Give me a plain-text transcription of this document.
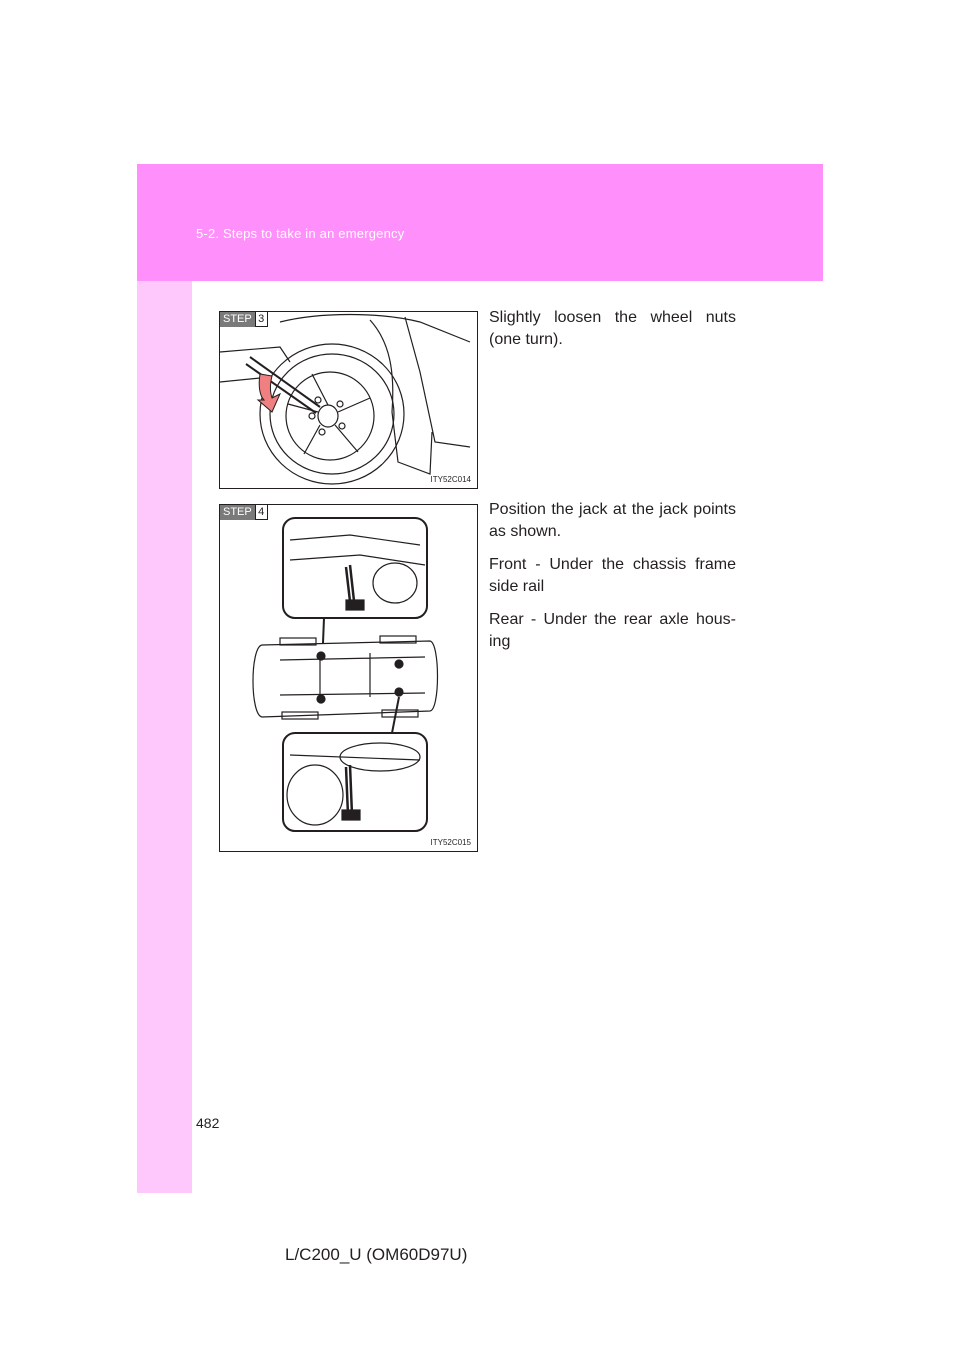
5-2. Steps to take in an emergency
STEP 3
ITY52C014

Slightly loosen the wheel nuts (one turn).

STEP 4
ITY52C015

Position the jack at the jack points as shown.

Front - Under the chassis frame side rail

Rear - Under the rear axle hous-ing

482
L/C200_U (OM60D97U)
